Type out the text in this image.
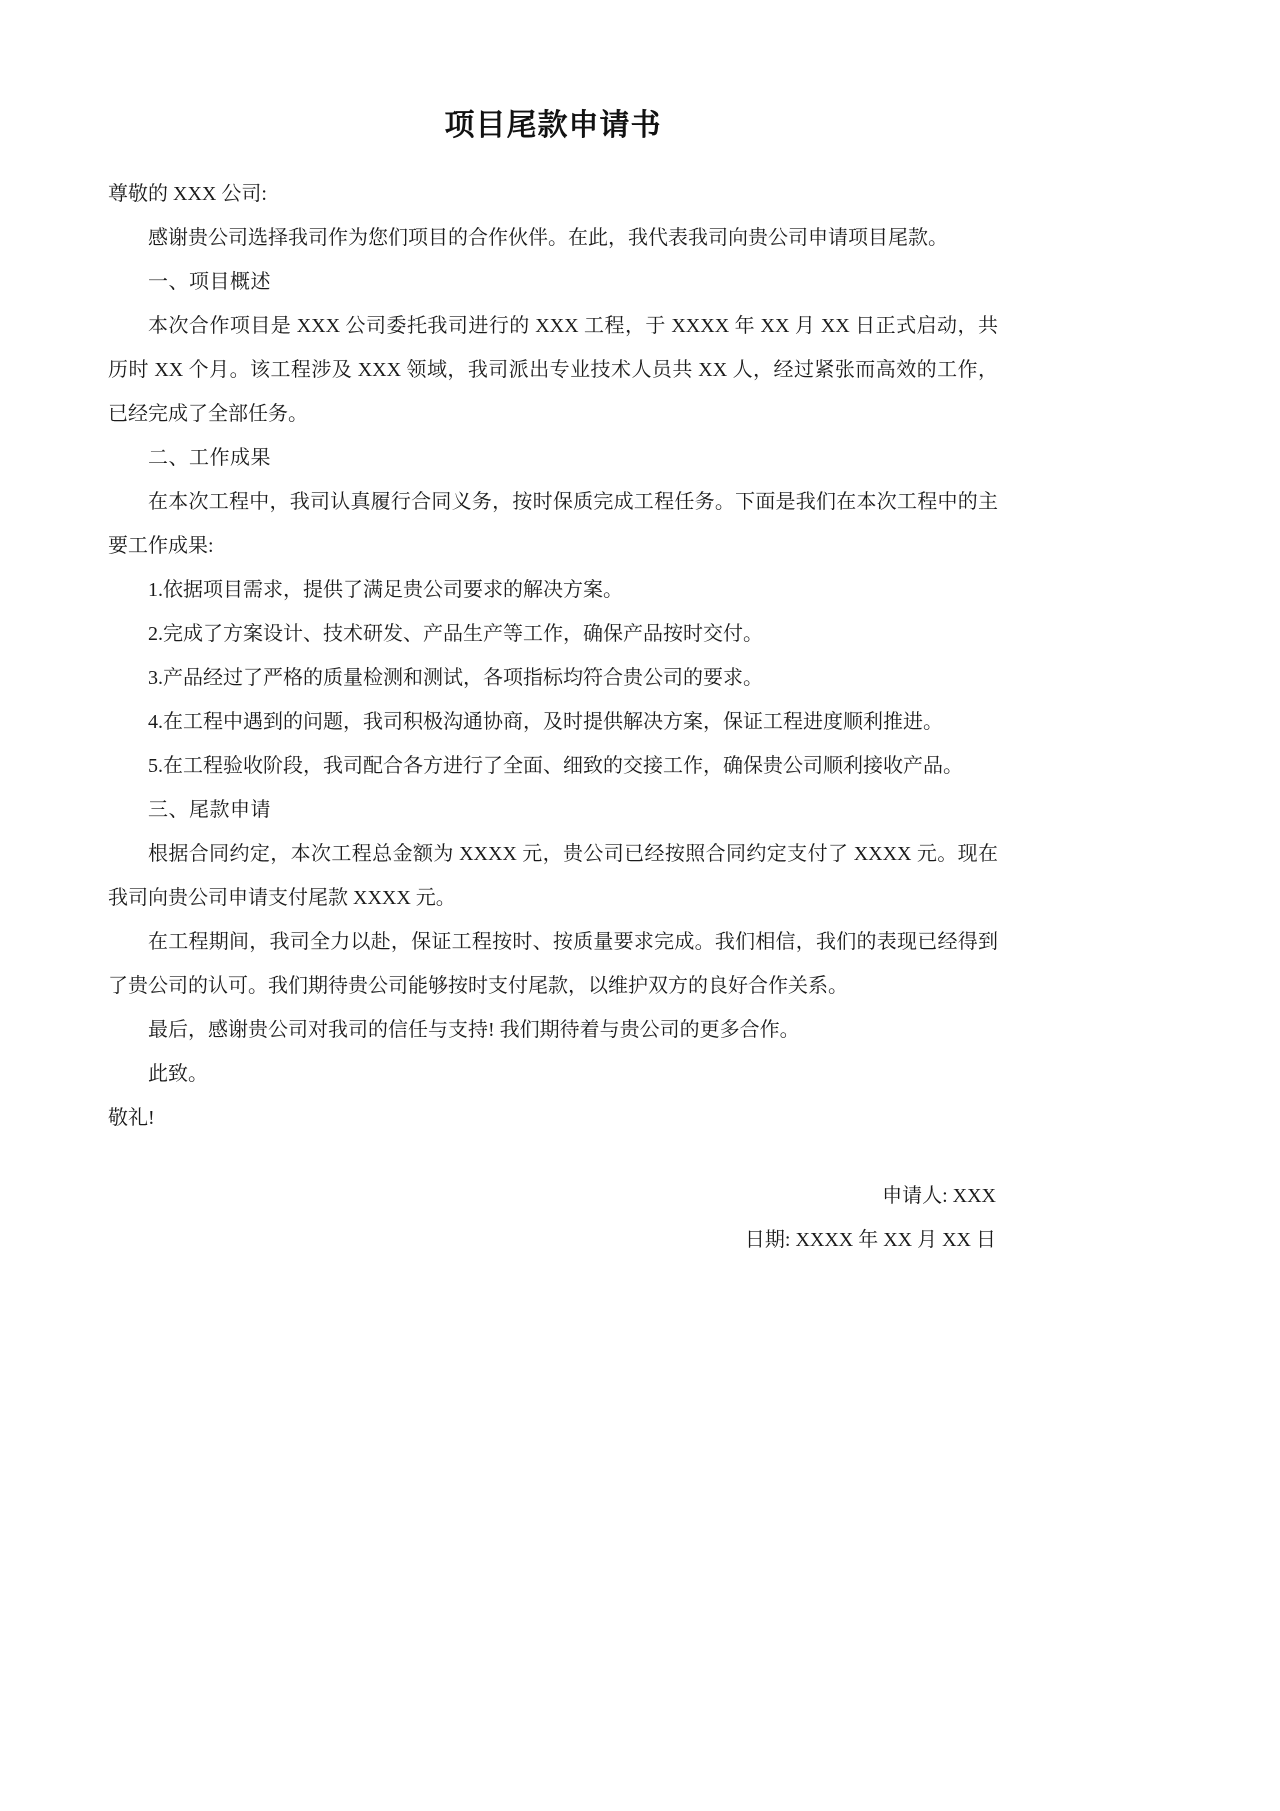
项目尾款申请书

尊敬的 XXX 公司:

感谢贵公司选择我司作为您们项目的合作伙伴。在此，我代表我司向贵公司申请项目尾款。

一、项目概述

本次合作项目是 XXX 公司委托我司进行的 XXX 工程，于 XXXX 年 XX 月 XX 日正式启动，共历时 XX 个月。该工程涉及 XXX 领域，我司派出专业技术人员共 XX 人，经过紧张而高效的工作，已经完成了全部任务。

二、工作成果

在本次工程中，我司认真履行合同义务，按时保质完成工程任务。下面是我们在本次工程中的主要工作成果:

1.依据项目需求，提供了满足贵公司要求的解决方案。

2.完成了方案设计、技术研发、产品生产等工作，确保产品按时交付。

3.产品经过了严格的质量检测和测试，各项指标均符合贵公司的要求。

4.在工程中遇到的问题，我司积极沟通协商，及时提供解决方案，保证工程进度顺利推进。

5.在工程验收阶段，我司配合各方进行了全面、细致的交接工作，确保贵公司顺利接收产品。

三、尾款申请

根据合同约定，本次工程总金额为 XXXX 元，贵公司已经按照合同约定支付了 XXXX 元。现在我司向贵公司申请支付尾款 XXXX 元。

在工程期间，我司全力以赴，保证工程按时、按质量要求完成。我们相信，我们的表现已经得到了贵公司的认可。我们期待贵公司能够按时支付尾款，以维护双方的良好合作关系。

最后，感谢贵公司对我司的信任与支持! 我们期待着与贵公司的更多合作。

此致。

敬礼!

申请人: XXX

日期: XXXX 年 XX 月 XX 日
